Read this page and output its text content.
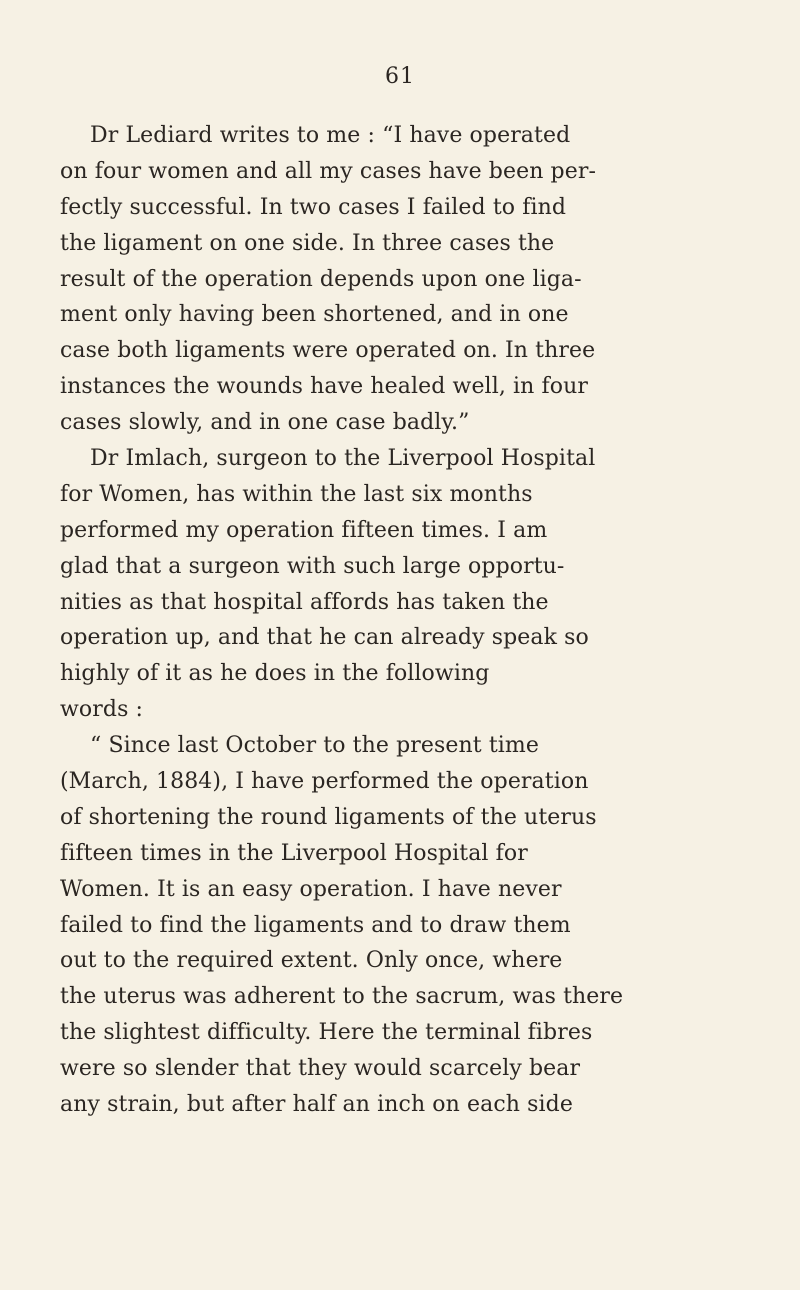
61
Dr Lediard writes to me : “I have operated
on four women and all my cases have been per-
fectly successful. In two cases I failed to find
the ligament on one side. In three cases the
result of the operation depends upon one liga-
ment only having been shortened, and in one
case both ligaments were operated on. In three
instances the wounds have healed well, in four
cases slowly, and in one case badly.”
Dr Imlach, surgeon to the Liverpool Hospital
for Women, has within the last six months
performed my operation fifteen times. I am
glad that a surgeon with such large opportu-
nities as that hospital affords has taken the
operation up, and that he can already speak so
highly of it as he does in the following
words :
“ Since last October to the present time
(March, 1884), I have performed the operation
of shortening the round ligaments of the uterus
fifteen times in the Liverpool Hospital for
Women. It is an easy operation. I have never
failed to find the ligaments and to draw them
out to the required extent. Only once, where
the uterus was adherent to the sacrum, was there
the slightest difficulty. Here the terminal fibres
were so slender that they would scarcely bear
any strain, but after half an inch on each side
